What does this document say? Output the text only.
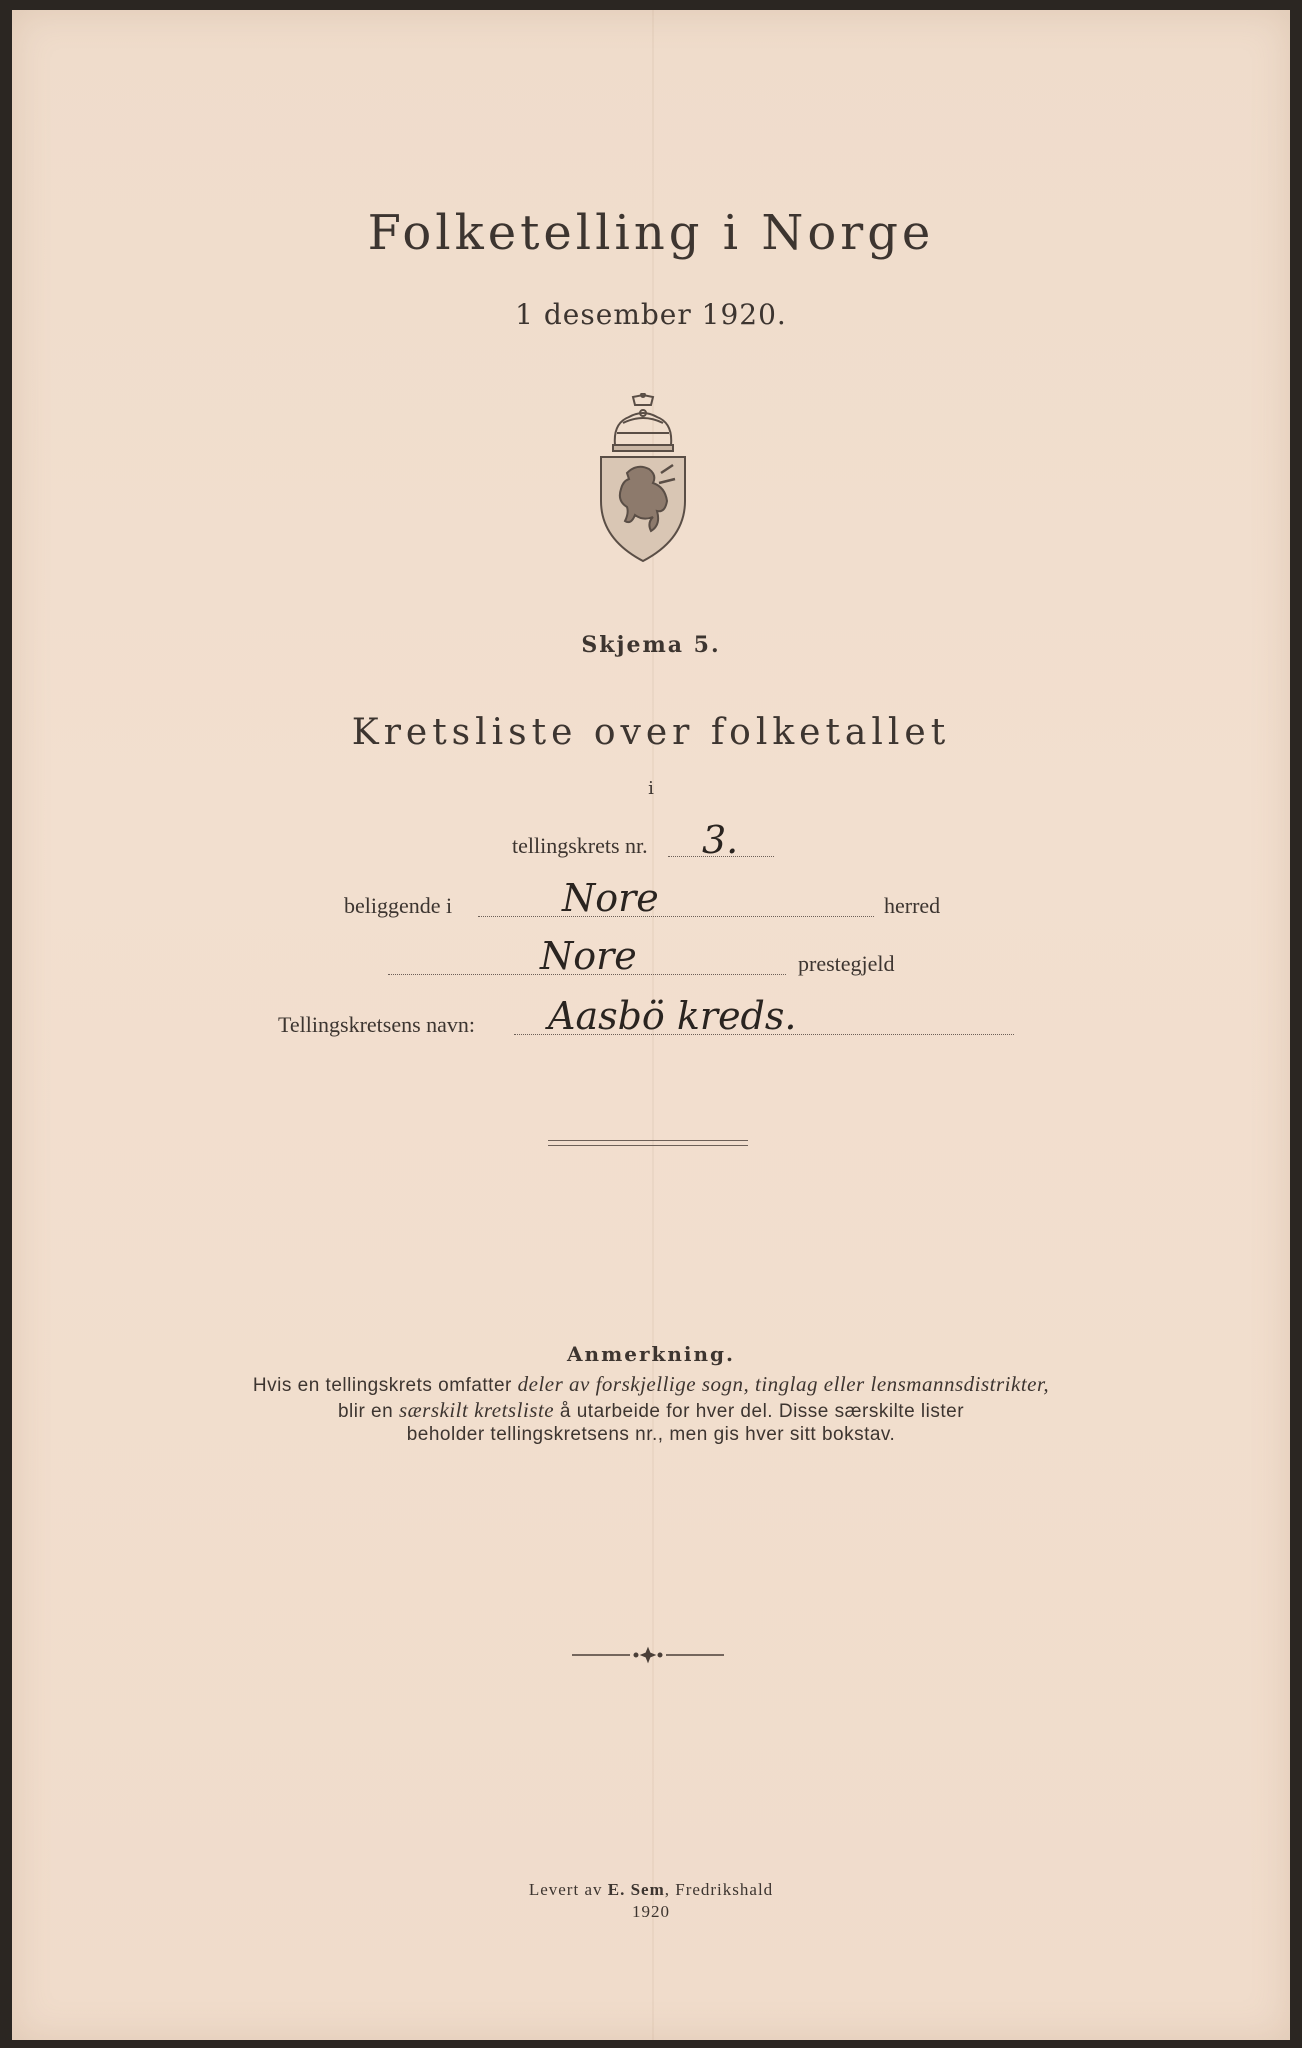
Folketelling i Norge
1 desember 1920.
Skjema 5.
Kretsliste over folketallet
i
tellingskrets nr. 3.
beliggende i	Nore	herred
Nore	prestegjeld
Tellingskretsens navn: Aasbö kreds.
Anmerkning.
Hvis en tellingskrets omfatter deler av forskjellige sogn, tinglag eller lensmannsdistrikter,
blir en særskilt kretsliste å utarbeide for hver del. Disse særskilte lister
beholder tellingskretsens nr., men gis hver sitt bokstav.
Levert av E. Sem, Fredrikshald
1920
